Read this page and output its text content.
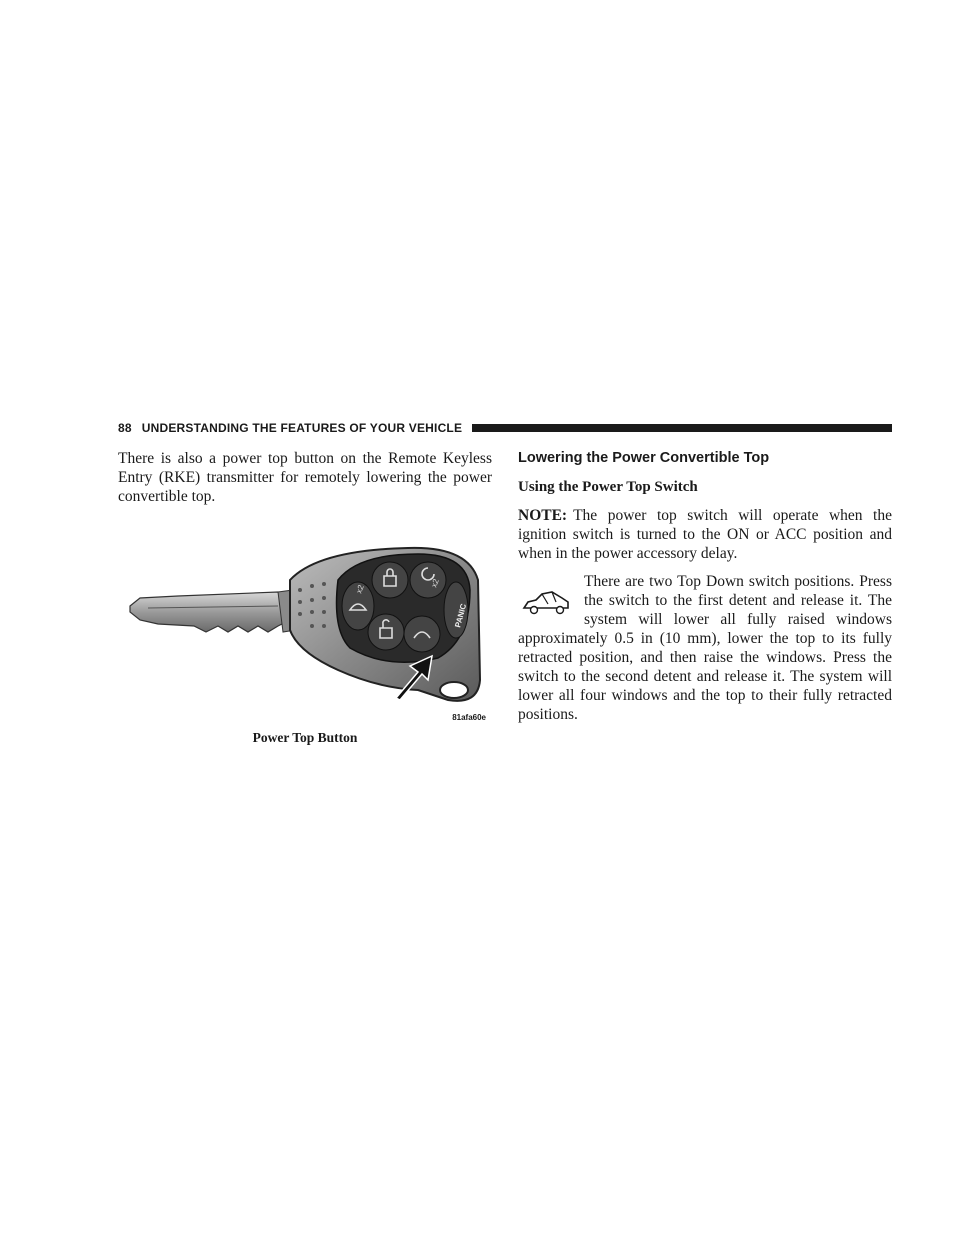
88 UNDERSTANDING THE FEATURES OF YOUR VEHICLE

There is also a power top button on the Remote Keyless Entry (RKE) transmitter for remotely lowering the power convertible top.

x2
x2
PANIC
81afa60e
Power Top Button
Lowering the Power Convertible Top
Using the Power Top Switch

NOTE: The power top switch will operate when the ignition switch is turned to the ON or ACC position and when in the power accessory delay.

There are two Top Down switch positions. Press the switch to the first detent and release it. The system will lower all fully raised windows approximately 0.5 in (10 mm), lower the top to its fully retracted position, and then raise the windows. Press the switch to the second detent and release it. The system will lower all four windows and the top to their fully retracted positions.
